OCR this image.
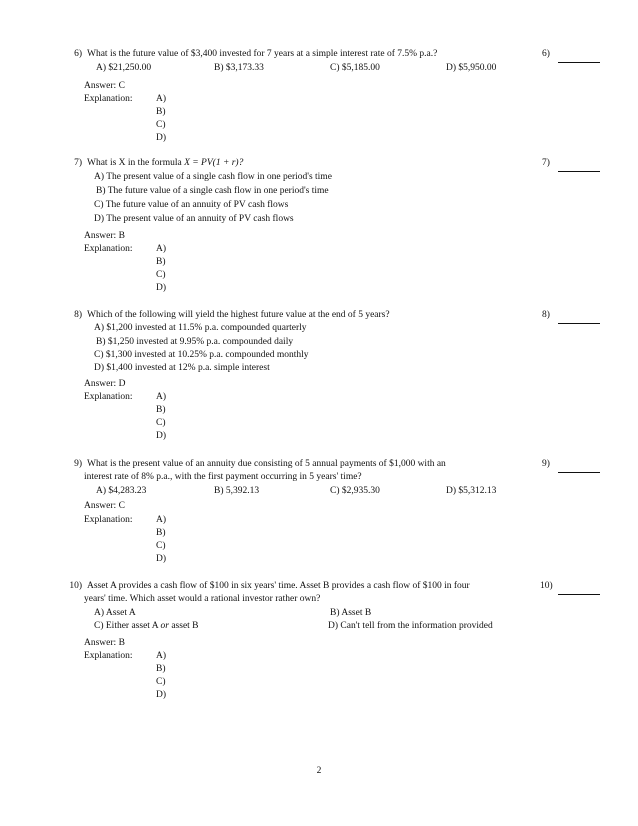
6) What is the future value of $3,400 invested for 7 years at a simple interest rate of 7.5% p.a.?	6)
A) $21,250.00	B) $3,173.33	C) $5,185.00	D) $5,950.00
Answer: C
Explanation: A)
B)
C)
D)
7) What is X in the formula X = PV(1 + r)?	7)
A) The present value of a single cash flow in one period's time
B) The future value of a single cash flow in one period's time
C) The future value of an annuity of PV cash flows
D) The present value of an annuity of PV cash flows
Answer: B
Explanation: A)
B)
C)
D)
8) Which of the following will yield the highest future value at the end of 5 years?	8)
A) $1,200 invested at 11.5% p.a. compounded quarterly
B) $1,250 invested at 9.95% p.a. compounded daily
C) $1,300 invested at 10.25% p.a. compounded monthly
D) $1,400 invested at 12% p.a. simple interest
Answer: D
Explanation: A)
B)
C)
D)
9) What is the present value of an annuity due consisting of 5 annual payments of $1,000 with an
interest rate of 8% p.a., with the first payment occurring in 5 years' time?
9)
A) $4,283.23	B) 5,392.13	C) $2,935.30	D) $5,312.13
Answer: C
Explanation: A)
B)
C)
D)
10) Asset A provides a cash flow of $100 in six years' time. Asset B provides a cash flow of $100 in four
years' time. Which asset would a rational investor rather own?
10)
A) Asset A	B) Asset B
C) Either asset A or asset B	D) Can't tell from the information provided
Answer: B
Explanation: A)
B)
C)
D)
2
